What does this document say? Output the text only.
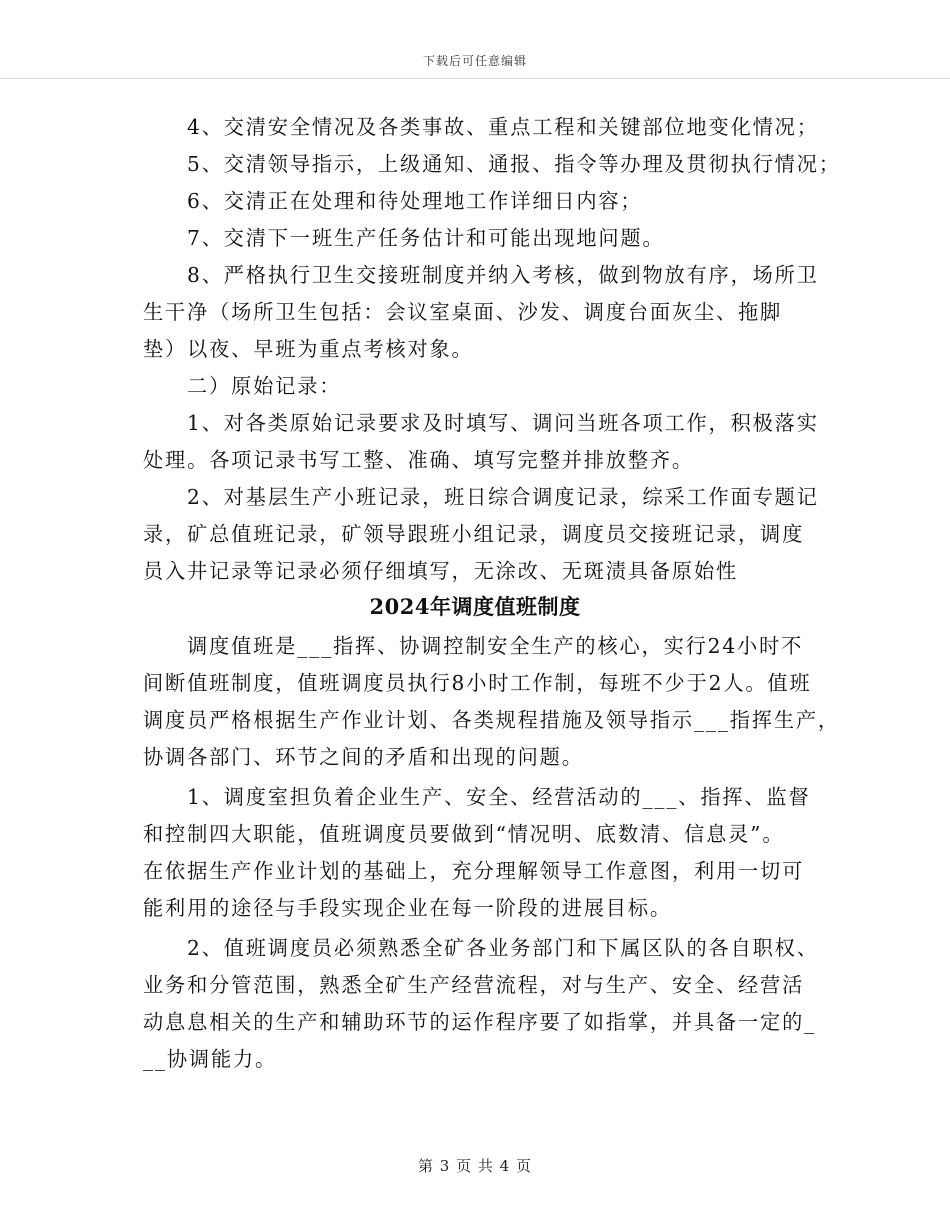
下载后可任意编辑
4、交清安全情况及各类事故、重点工程和关键部位地变化情况；
5、交清领导指示，上级通知、通报、指令等办理及贯彻执行情况；
6、交清正在处理和待处理地工作详细日内容；
7、交清下一班生产任务估计和可能出现地问题。
8、严格执行卫生交接班制度并纳入考核，做到物放有序，场所卫
生干净（场所卫生包括：会议室桌面、沙发、调度台面灰尘、拖脚
垫）以夜、早班为重点考核对象。
二）原始记录：
1、对各类原始记录要求及时填写、调问当班各项工作，积极落实
处理。各项记录书写工整、准确、填写完整并排放整齐。
2、对基层生产小班记录，班日综合调度记录，综采工作面专题记
录，矿总值班记录，矿领导跟班小组记录，调度员交接班记录，调度
员入井记录等记录必须仔细填写，无涂改、无斑渍具备原始性
2024年调度值班制度
调度值班是___指挥、协调控制安全生产的核心，实行24小时不
间断值班制度，值班调度员执行8小时工作制，每班不少于2人。值班
调度员严格根据生产作业计划、各类规程措施及领导指示___指挥生产，
协调各部门、环节之间的矛盾和出现的问题。
1、调度室担负着企业生产、安全、经营活动的___、指挥、监督
和控制四大职能，值班调度员要做到“情况明、底数清、信息灵”。
在依据生产作业计划的基础上，充分理解领导工作意图，利用一切可
能利用的途径与手段实现企业在每一阶段的进展目标。
2、值班调度员必须熟悉全矿各业务部门和下属区队的各自职权、
业务和分管范围，熟悉全矿生产经营流程，对与生产、安全、经营活
动息息相关的生产和辅助环节的运作程序要了如指掌，并具备一定的_
__协调能力。
第 3 页 共 4 页
